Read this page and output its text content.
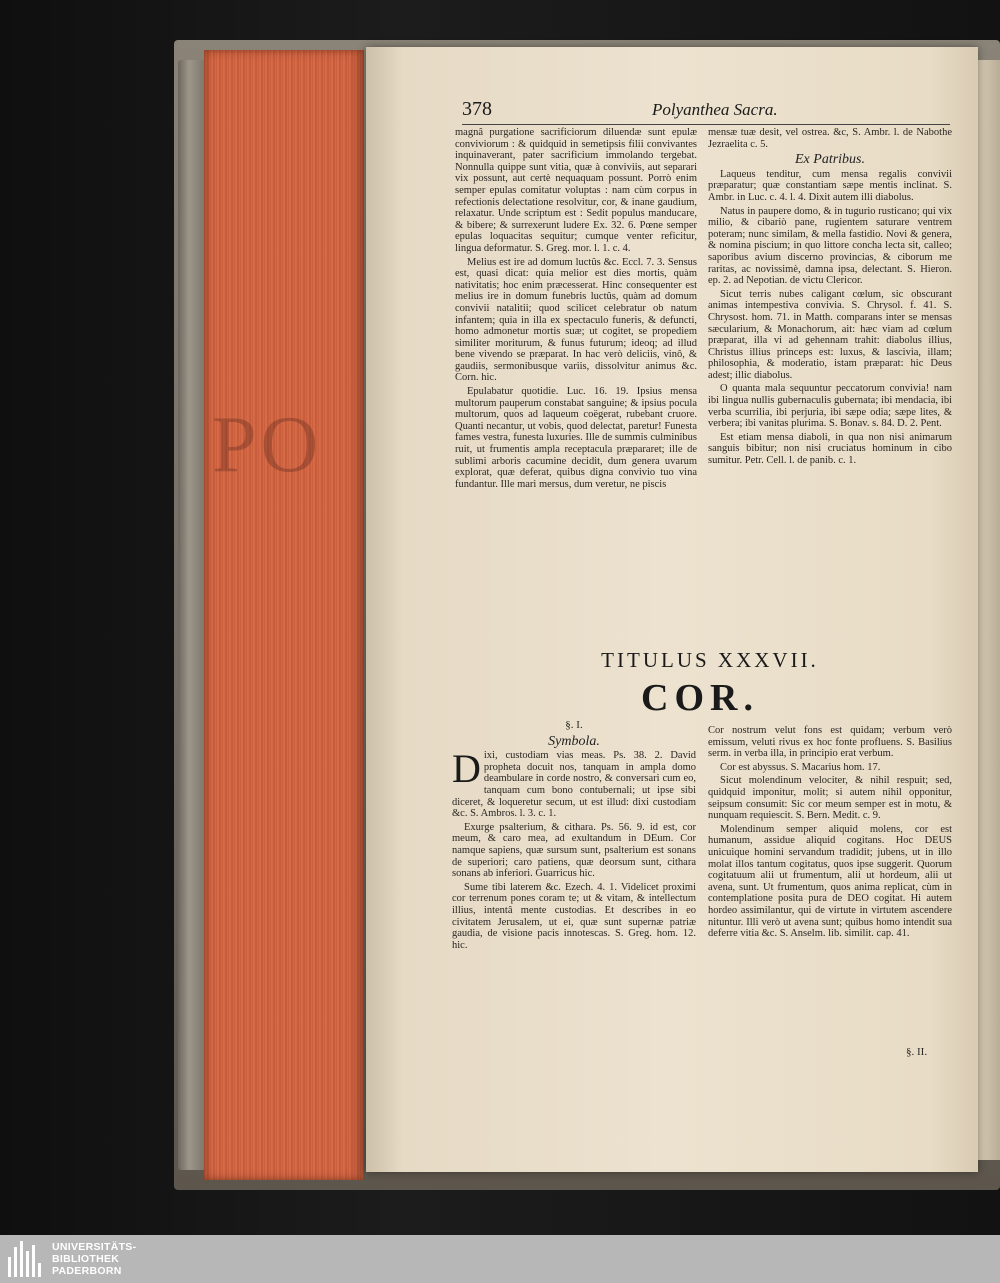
PO
378	Polyanthea Sacra.

magnâ purgatione sacrificiorum diluendæ sunt epulæ conviviorum : & quidquid in semetipsis filii convivantes inquinaverant, pater sacrificium immolando tergebat. Nonnulla quippe sunt vitia, quæ à conviviis, aut separari vix possunt, aut certè nequaquam possunt. Porrò enim semper epulas comitatur voluptas : nam cùm corpus in refectionis delectatione resolvitur, cor, & inane gaudium, relaxatur. Unde scriptum est : Sedit populus manducare, & bibere; & surrexerunt ludere Ex. 32. 6. Pœne semper epulas loquacitas sequitur; cumque venter reficitur, lingua deformatur. S. Greg. mor. l. 1. c. 4.

Melius est ire ad domum luctûs &c. Eccl. 7. 3. Sensus est, quasi dicat: quia melior est dies mortis, quàm nativitatis; hoc enim præcesserat. Hinc consequenter est melius ire in domum funebris luctûs, quàm ad domum convivii natalitii; quod scilicet celebratur ob natum infantem; quia in illa ex spectaculo funeris, & defuncti, homo admonetur mortis suæ; ut cogitet, se propediem similiter moriturum, & funus futurum; ideoq; ad illud bene vivendo se præparat. In hac verò deliciis, vinô, & gaudiis, sermonibusque variis, dissolvitur animus &c. Corn. hic.

Epulabatur quotidie. Luc. 16. 19. Ipsius mensa multorum pauperum constabat sanguine; & ipsius pocula multorum, quos ad laqueum coëgerat, rubebant cruore. Quanti necantur, ut vobis, quod delectat, paretur! Funesta fames vestra, funesta luxuries. Ille de summis culminibus ruit, ut frumentis ampla receptacula præpararet; ille de sublimi arboris cacumine decidit, dum genera uvarum explorat, quæ deferat, quibus digna convivio tuo vina fundantur. Ille mari mersus, dum veretur, ne piscis

mensæ tuæ desit, vel ostrea. &c, S. Ambr. l. de Nabothe Jezraelita c. 5.

Ex Patribus.

Laqueus tenditur, cum mensa regalis convivii præparatur; quæ constantiam sæpe mentis inclinat. S. Ambr. in Luc. c. 4. l. 4. Dixit autem illi diabolus.

Natus in paupere domo, & in tugurio rusticano; qui vix milio, & cibariò pane, rugientem saturare ventrem poteram; nunc similam, & mella fastidio. Novi & genera, & nomina piscium; in quo littore concha lecta sit, calleo; saporibus avium discerno provincias, & ciborum me raritas, ac novissimè, damna ipsa, delectant. S. Hieron. ep. 2. ad Nepotian. de victu Clericor.

Sicut terris nubes caligant cœlum, sic obscurant animas intempestiva convivia. S. Chrysol. f. 41. S. Chrysost. hom. 71. in Matth. comparans inter se mensas sæcularium, & Monachorum, ait: hæc viam ad cœlum præparat, illa vi ad gehennam trahit: diabolus illius, Christus illius princeps est: luxus, & lascivia, illam; philosophia, & moderatio, istam præparat: hic Deus adest; illic diabolus.

O quanta mala sequuntur peccatorum convivia! nam ibi lingua nullis gubernaculis gubernata; ibi mendacia, ibi verba scurrilia, ibi perjuria, ibi sæpe odia; sæpe lites, & verbera; ibi vanitas plurima. S. Bonav. s. 84. D. 2. Pent.

Est etiam mensa diaboli, in qua non nisi animarum sanguis bibitur; non nisi cruciatus hominum in cibo sumitur. Petr. Cell. l. de panib. c. 1.

TITULUS XXXVII.
COR.

§. I.

Symbola.

Dixi, custodiam vias meas. Ps. 38. 2. David propheta docuit nos, tanquam in ampla domo deambulare in corde nostro, & conversari cum eo, tanquam cum bono contubernali; ut ipse sibi diceret, & loqueretur secum, ut est illud: dixi custodiam &c. S. Ambros. l. 3. c. 1.

Exurge psalterium, & cithara. Ps. 56. 9. id est, cor meum, & caro mea, ad exultandum in DEum. Cor namque sapiens, quæ sursum sunt, psalterium est sonans de superiori; caro patiens, quæ deorsum sunt, cithara sonans ab inferiori. Guarricus hic.

Sume tibi laterem &c. Ezech. 4. 1. Videlicet proximi cor terrenum pones coram te; ut & vitam, & intellectum illius, intentâ mente custodias. Et describes in eo civitatem Jerusalem, ut ei, quæ sunt supernæ patriæ gaudia, de visione pacis innotescas. S. Greg. hom. 12. hic.

Cor nostrum velut fons est quidam; verbum verò emissum, veluti rivus ex hoc fonte profluens. S. Basilius serm. in verba illa, in principio erat verbum.

Cor est abyssus. S. Macarius hom. 17.

Sicut molendinum velociter, & nihil respuit; sed, quidquid imponitur, molit; si autem nihil opponitur, seipsum consumit: Sic cor meum semper est in motu, & nunquam requiescit. S. Bern. Medit. c. 9.

Molendinum semper aliquid molens, cor est humanum, assidue aliquid cogitans. Hoc DEUS unicuique homini servandum tradidit; jubens, ut in illo molat illos tantum cogitatus, quos ipse suggerit. Quorum cogitatuum alii ut frumentum, alii ut hordeum, alii ut avena, sunt. Ut frumentum, quos anima replicat, cùm in contemplatione posita pura de DEO cogitat. Hi autem hordeo assimilantur, qui de virtute in virtutem ascendere nituntur. Illi verò ut avena sunt; quibus homo intendit sua deferre vitia &c. S. Anselm. lib. similit. cap. 41.

§. II.
UNIVERSITÄTS-
BIBLIOTHEK
PADERBORN
